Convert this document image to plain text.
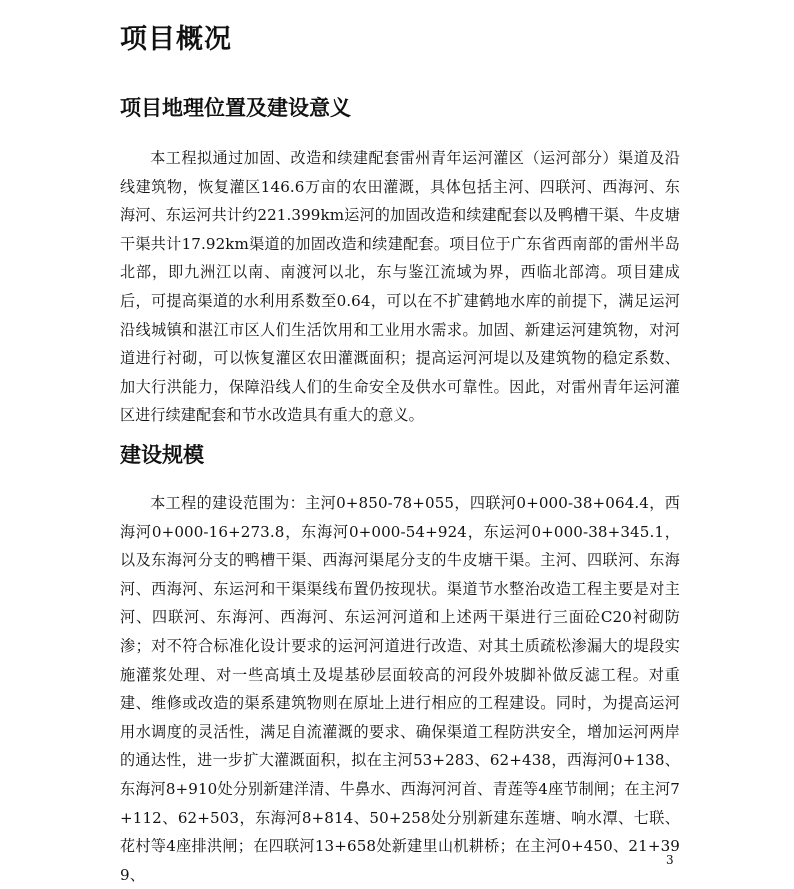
项目概况
项目地理位置及建设意义

本工程拟通过加固、改造和续建配套雷州青年运河灌区（运河部分）渠道及沿线建筑物，恢复灌区146.6万亩的农田灌溉，具体包括主河、四联河、西海河、东海河、东运河共计约221.399km运河的加固改造和续建配套以及鸭槽干渠、牛皮塘干渠共计17.92km渠道的加固改造和续建配套。项目位于广东省西南部的雷州半岛北部，即九洲江以南、南渡河以北，东与鉴江流域为界，西临北部湾。项目建成后，可提高渠道的水利用系数至0.64，可以在不扩建鹤地水库的前提下，满足运河沿线城镇和湛江市区人们生活饮用和工业用水需求。加固、新建运河建筑物，对河道进行衬砌，可以恢复灌区农田灌溉面积；提高运河河堤以及建筑物的稳定系数、加大行洪能力，保障沿线人们的生命安全及供水可靠性。因此，对雷州青年运河灌区进行续建配套和节水改造具有重大的意义。

建设规模

本工程的建设范围为：主河0+850-78+055，四联河0+000-38+064.4，西海河0+000-16+273.8，东海河0+000-54+924，东运河0+000-38+345.1，以及东海河分支的鸭槽干渠、西海河渠尾分支的牛皮塘干渠。主河、四联河、东海河、西海河、东运河和干渠渠线布置仍按现状。渠道节水整治改造工程主要是对主河、四联河、东海河、西海河、东运河河道和上述两干渠进行三面砼C20衬砌防渗；对不符合标准化设计要求的运河河道进行改造、对其土质疏松渗漏大的堤段实施灌浆处理、对一些高填土及堤基砂层面较高的河段外坡脚补做反滤工程。对重建、维修或改造的渠系建筑物则在原址上进行相应的工程建设。同时，为提高运河用水调度的灵活性，满足自流灌溉的要求、确保渠道工程防洪安全，增加运河两岸的通达性，进一步扩大灌溉面积，拟在主河53+283、62+438，西海河0+138、东海河8+910处分别新建洋清、牛鼻水、西海河河首、青莲等4座节制闸；在主河7+112、62+503，东海河8+814、50+258处分别新建东莲塘、响水潭、七联、花村等4座排洪闸；在四联河13+658处新建里山机耕桥；在主河0+450、21+399、

3
